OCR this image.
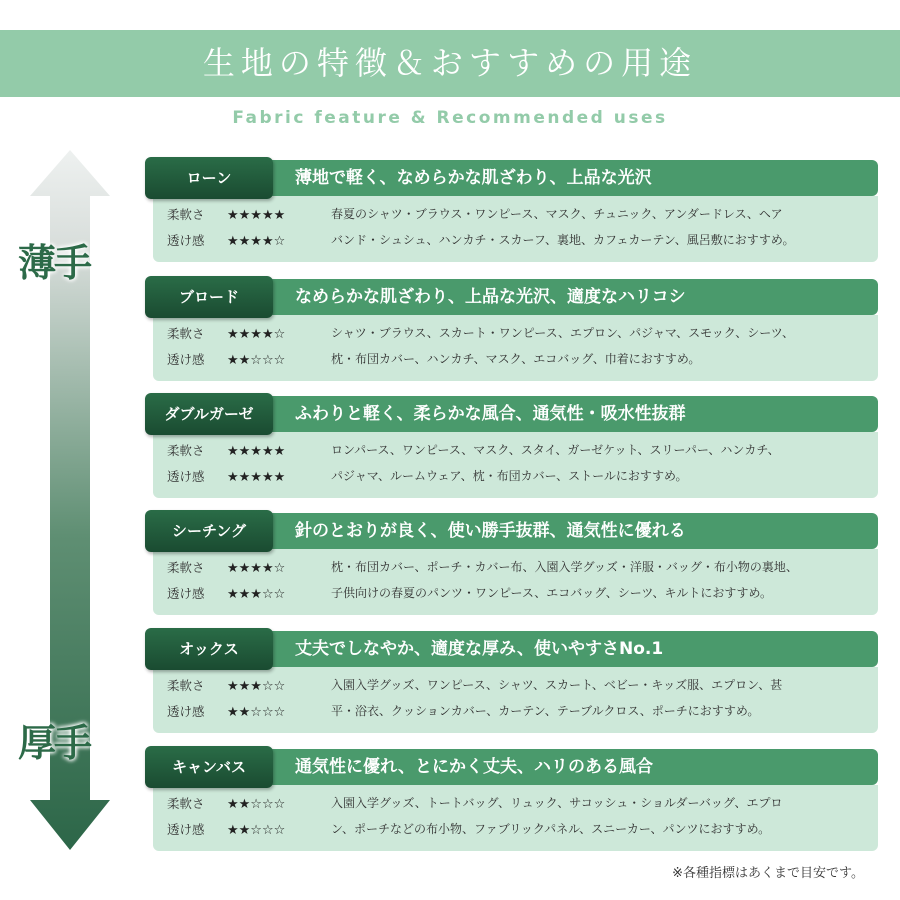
生地の特徴＆おすすめの用途
Fabric feature & Recommended uses
薄手
厚手
ローン	薄地で軽く、なめらかな肌ざわり、上品な光沢
柔軟さ ★★★★★
透け感 ★★★★☆
春夏のシャツ・ブラウス・ワンピース、マスク、チュニック、アンダードレス、ヘア
バンド・シュシュ、ハンカチ・スカーフ、裏地、カフェカーテン、風呂敷におすすめ。
ブロード	なめらかな肌ざわり、上品な光沢、適度なハリコシ
柔軟さ ★★★★☆
透け感 ★★☆☆☆
シャツ・ブラウス、スカート・ワンピース、エプロン、パジャマ、スモック、シーツ、
枕・布団カバー、ハンカチ、マスク、エコバッグ、巾着におすすめ。
ダブルガーゼ	ふわりと軽く、柔らかな風合、通気性・吸水性抜群
柔軟さ ★★★★★
透け感 ★★★★★
ロンパース、ワンピース、マスク、スタイ、ガーゼケット、スリーパー、ハンカチ、
パジャマ、ルームウェア、枕・布団カバー、ストールにおすすめ。
シーチング	針のとおりが良く、使い勝手抜群、通気性に優れる
柔軟さ ★★★★☆
透け感 ★★★☆☆
枕・布団カバー、ポーチ・カバー布、入園入学グッズ・洋服・バッグ・布小物の裏地、
子供向けの春夏のパンツ・ワンピース、エコバッグ、シーツ、キルトにおすすめ。
オックス	丈夫でしなやか、適度な厚み、使いやすさNo.1
柔軟さ ★★★☆☆
透け感 ★★☆☆☆
入園入学グッズ、ワンピース、シャツ、スカート、ベビー・キッズ服、エプロン、甚
平・浴衣、クッションカバー、カーテン、テーブルクロス、ポーチにおすすめ。
キャンバス	通気性に優れ、とにかく丈夫、ハリのある風合
柔軟さ ★★☆☆☆
透け感 ★★☆☆☆
入園入学グッズ、トートバッグ、リュック、サコッシュ・ショルダーバッグ、エプロ
ン、ポーチなどの布小物、ファブリックパネル、スニーカー、パンツにおすすめ。
※各種指標はあくまで目安です。
